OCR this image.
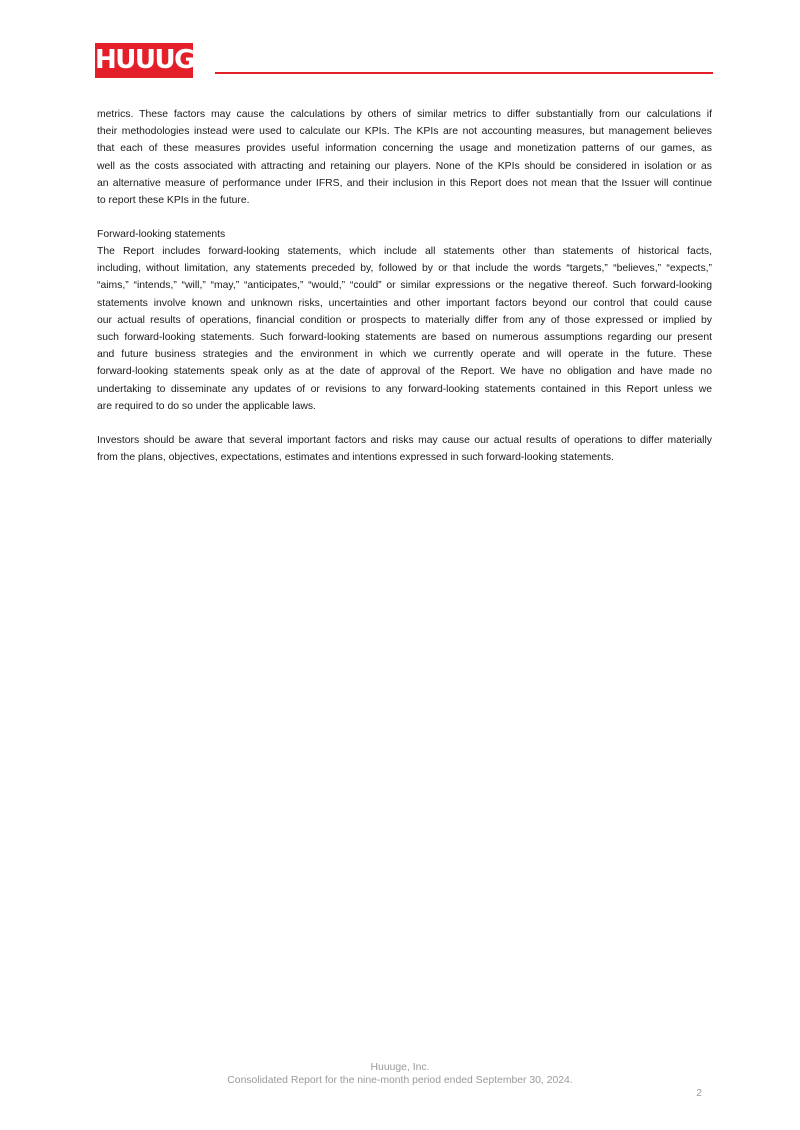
HUUUGE
metrics. These factors may cause the calculations by others of similar metrics to differ substantially from our calculations if
their methodologies instead were used to calculate our KPIs. The KPIs are not accounting measures, but management believes
that each of these measures provides useful information concerning the usage and monetization patterns of our games, as
well as the costs associated with attracting and retaining our players. None of the KPIs should be considered in isolation or as
an alternative measure of performance under IFRS, and their inclusion in this Report does not mean that the Issuer will continue
to report these KPIs in the future.
Forward-looking statements
The Report includes forward-looking statements, which include all statements other than statements of historical facts,
including, without limitation, any statements preceded by, followed by or that include the words “targets,” “believes,” “expects,”
“aims,” “intends,” “will,” “may,” “anticipates,” “would,” “could” or similar expressions or the negative thereof. Such forward-looking
statements involve known and unknown risks, uncertainties and other important factors beyond our control that could cause
our actual results of operations, financial condition or prospects to materially differ from any of those expressed or implied by
such forward-looking statements. Such forward-looking statements are based on numerous assumptions regarding our present
and future business strategies and the environment in which we currently operate and will operate in the future. These
forward-looking statements speak only as at the date of approval of the Report. We have no obligation and have made no
undertaking to disseminate any updates of or revisions to any forward-looking statements contained in this Report unless we
are required to do so under the applicable laws.
Investors should be aware that several important factors and risks may cause our actual results of operations to differ materially
from the plans, objectives, expectations, estimates and intentions expressed in such forward-looking statements.
Huuuge, Inc.
Consolidated Report for the nine-month period ended September 30, 2024.
2
